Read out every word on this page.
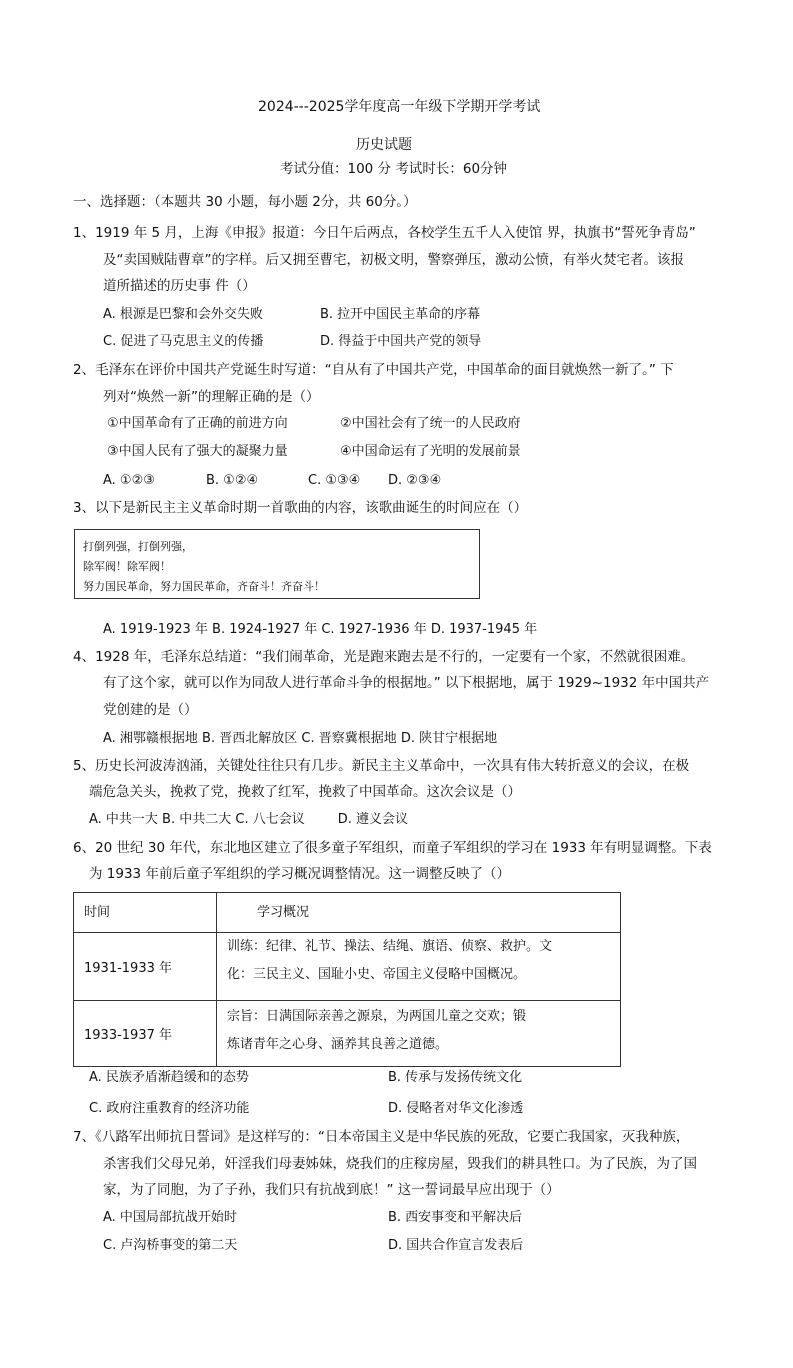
2024---2025学年度高一年级下学期开学考试
历史试题
考试分值：100 分 考试时长：60分钟
一、选择题：（本题共 30 小题，每小题 2分，共 60分。）
1、1919 年 5 月，上海《申报》报道：今日午后两点，各校学生五千人入使馆 界，执旗书“誓死争青岛”
及“卖国贼陆曹章”的字样。后又拥至曹宅，初极文明，警察弹压，激动公愤，有举火焚宅者。该报
道所描述的历史事 件（）
A. 根源是巴黎和会外交失败	B. 拉开中国民主革命的序幕
C. 促进了马克思主义的传播	D. 得益于中国共产党的领导
2、毛泽东在评价中国共产党诞生时写道：“自从有了中国共产党，中国革命的面目就焕然一新了。” 下
列对“焕然一新”的理解正确的是（）
①中国革命有了正确的前进方向	②中国社会有了统一的人民政府
③中国人民有了强大的凝聚力量	④中国命运有了光明的发展前景
A. ①②③	B. ①②④	C. ①③④ D. ②③④
3、以下是新民主主义革命时期一首歌曲的内容，该歌曲诞生的时间应在（）
打倒列强，打倒列强，
除军阀！除军阀！
努力国民革命，努力国民革命，齐奋斗！齐奋斗！
A. 1919-1923 年 B. 1924-1927 年 C. 1927-1936 年 D. 1937-1945 年
4、1928 年，毛泽东总结道：“我们闹革命，光是跑来跑去是不行的，一定要有一个家，不然就很困难。
有了这个家，就可以作为同敌人进行革命斗争的根据地。” 以下根据地，属于 1929~1932 年中国共产
党创建的是（）
A. 湘鄂赣根据地 B. 晋西北解放区 C. 晋察冀根据地 D. 陕甘宁根据地
5、历史长河波涛汹涌，关键处往往只有几步。新民主主义革命中，一次具有伟大转折意义的会议，在极
端危急关头，挽救了党，挽救了红军，挽救了中国革命。这次会议是（）
A. 中共一大 B. 中共二大 C. 八七会议        D. 遵义会议
6、20 世纪 30 年代，东北地区建立了很多童子军组织，而童子军组织的学习在 1933 年有明显调整。下表
为 1933 年前后童子军组织的学习概况调整情况。这一调整反映了（）
时间	学习概况

1931-1933 年	训练：纪律、礼节、操法、结绳、旗语、侦察、救护。文
化：三民主义、国耻小史、帝国主义侵略中国概况。

1933-1937 年	宗旨：日满国际亲善之源泉，为两国儿童之交欢；锻
炼诸青年之心身、涵养其良善之道德。
A. 民族矛盾渐趋缓和的态势	B. 传承与发扬传统文化
C. 政府注重教育的经济功能	D. 侵略者对华文化渗透
7、《八路军出师抗日誓词》是这样写的：“日本帝国主义是中华民族的死敌，它要亡我国家，灭我种族，
杀害我们父母兄弟，奸淫我们母妻姊妹，烧我们的庄稼房屋，毁我们的耕具牲口。为了民族，为了国
家，为了同胞，为了子孙，我们只有抗战到底！” 这一誓词最早应出现于（）
A. 中国局部抗战开始时	B. 西安事变和平解决后
C. 卢沟桥事变的第二天	D. 国共合作宣言发表后
